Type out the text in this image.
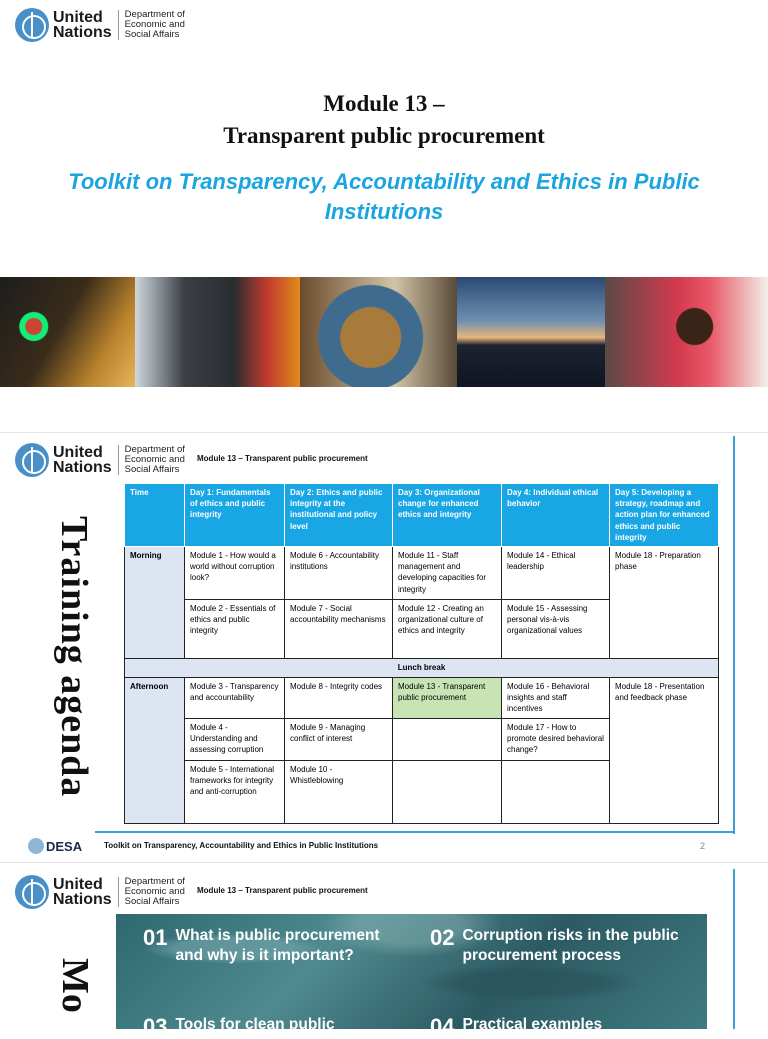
United
Nations
Department of
Economic and
Social Affairs
Module 13 –
Transparent public procurement
Toolkit on Transparency, Accountability and Ethics in Public Institutions
United
Nations
Department of
Economic and
Social Affairs
Module 13 – Transparent public procurement
Training agenda
Time	Day 1: Fundamentals of ethics and public integrity	Day 2: Ethics and public integrity at the institutional and policy level	Day 3: Organizational change for enhanced ethics and integrity	Day 4: Individual ethical behavior	Day 5: Developing a strategy, roadmap and action plan for enhanced ethics and public integrity
Morning	Module 1 - How would a world without corruption look?	Module 6 - Accountability institutions	Module 11 - Staff management and developing capacities for integrity	Module 14 - Ethical leadership	Module 18 - Preparation phase
	Module 2 - Essentials of ethics and public integrity	Module 7 - Social accountability mechanisms	Module 12 - Creating an organizational culture of ethics and integrity	Module 15 - Assessing personal vis-à-vis organizational values	
Lunch break					
Afternoon	Module 3 - Transparency and accountability	Module 8 - Integrity codes	Module 13 - Transparent public procurement	Module 16 - Behavioral insights and staff incentives	Module 18 - Presentation and feedback phase
	Module 4 - Understanding and assessing corruption	Module 9 - Managing conflict of interest		Module 17 - How to promote desired behavioral change?	
	Module 5 - International frameworks for integrity and anti-corruption	Module 10 - Whistleblowing			
DESA	Toolkit on Transparency, Accountability and Ethics in Public Institutions	2
United
Nations
Department of
Economic and
Social Affairs
Module 13 – Transparent public procurement
Mo
01 What is public procurement and why is it important?
02 Corruption risks in the public procurement process
03 Tools for clean public	04 Practical examples
